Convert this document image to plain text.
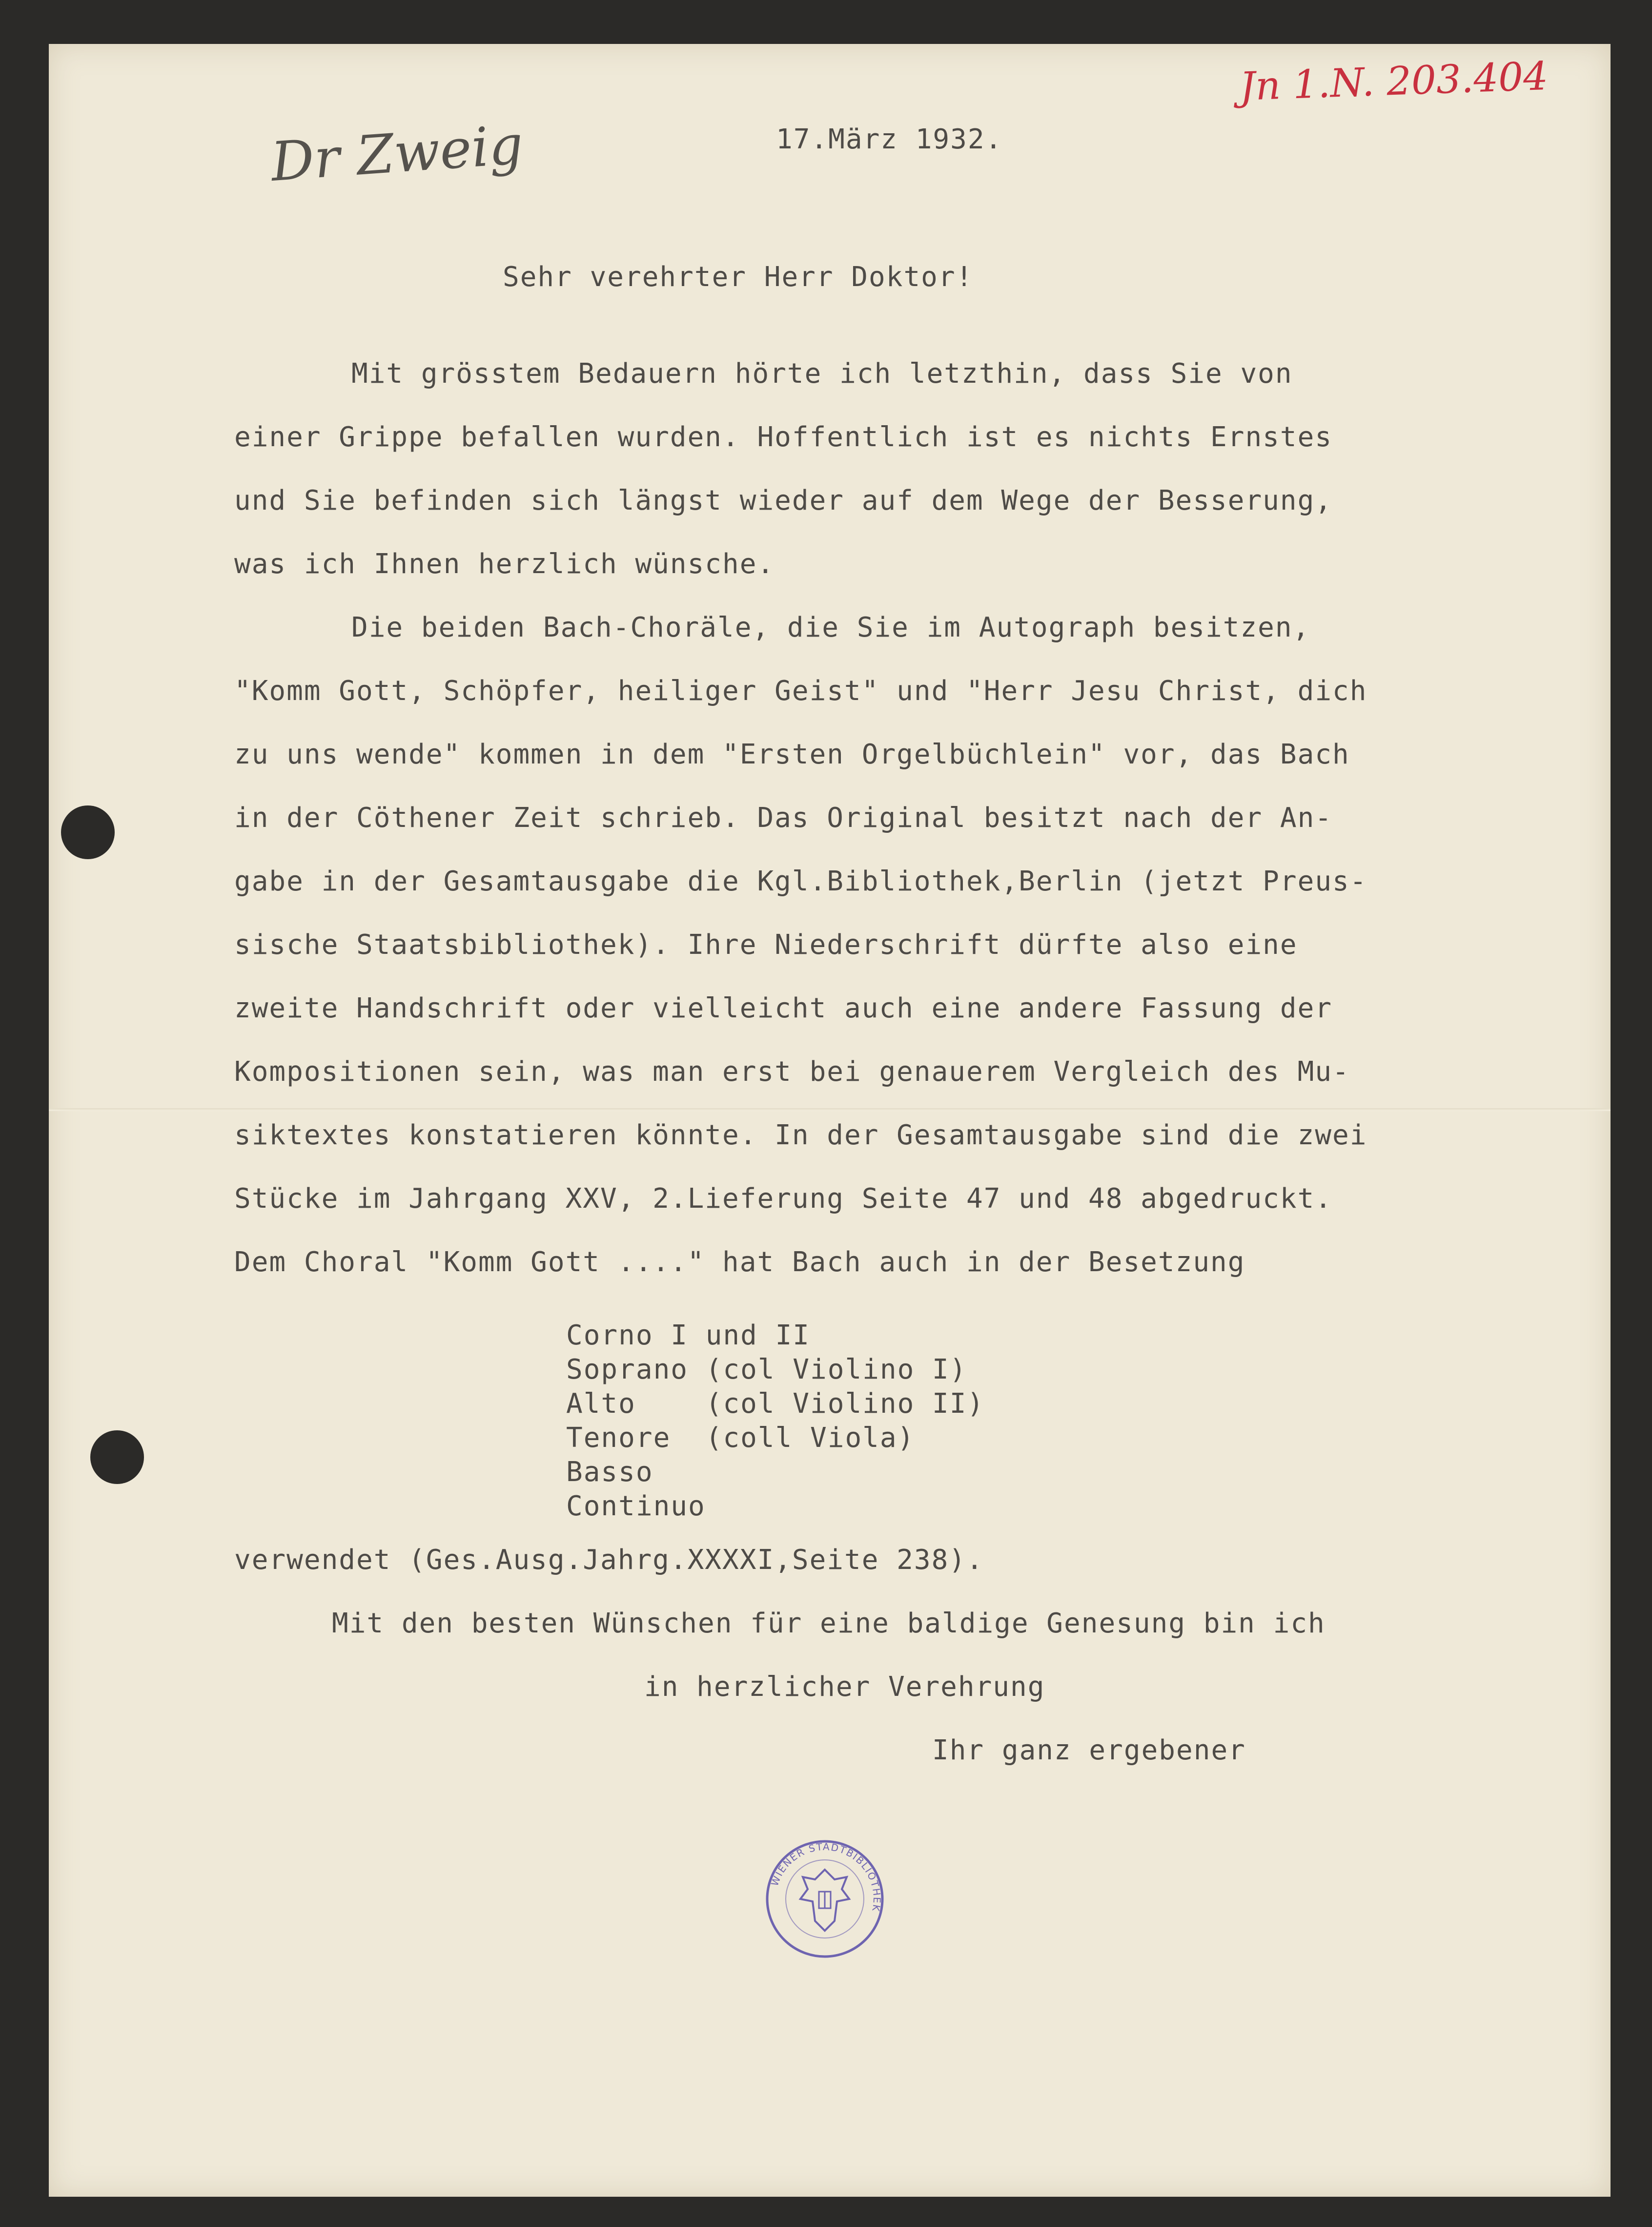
Dr Zweig
Jn 1.N. 203.404
17.März 1932.
Sehr verehrter Herr Doktor!
Mit grösstem Bedauern hörte ich letzthin, dass Sie von
einer Grippe befallen wurden. Hoffentlich ist es nichts Ernstes
und Sie befinden sich längst wieder auf dem Wege der Besserung,
was ich Ihnen herzlich wünsche.
Die beiden Bach-Choräle, die Sie im Autograph besitzen,
"Komm Gott, Schöpfer, heiliger Geist" und "Herr Jesu Christ, dich
zu uns wende" kommen in dem "Ersten Orgelbüchlein" vor, das Bach
in der Cöthener Zeit schrieb. Das Original besitzt nach der An-
gabe in der Gesamtausgabe die Kgl.Bibliothek,Berlin (jetzt Preus-
sische Staatsbibliothek). Ihre Niederschrift dürfte also eine
zweite Handschrift oder vielleicht auch eine andere Fassung der
Kompositionen sein, was man erst bei genauerem Vergleich des Mu-
siktextes konstatieren könnte. In der Gesamtausgabe sind die zwei
Stücke im Jahrgang XXV, 2.Lieferung Seite 47 und 48 abgedruckt.
Dem Choral "Komm Gott ...." hat Bach auch in der Besetzung
Corno I und II
Soprano (col Violino I)
Alto    (col Violino II)
Tenore  (coll Viola)
Basso
Continuo
verwendet (Ges.Ausg.Jahrg.XXXXI,Seite 238).
Mit den besten Wünschen für eine baldige Genesung bin ich
in herzlicher Verehrung
Ihr ganz ergebener
WIENER STADTBIBLIOTHEK
